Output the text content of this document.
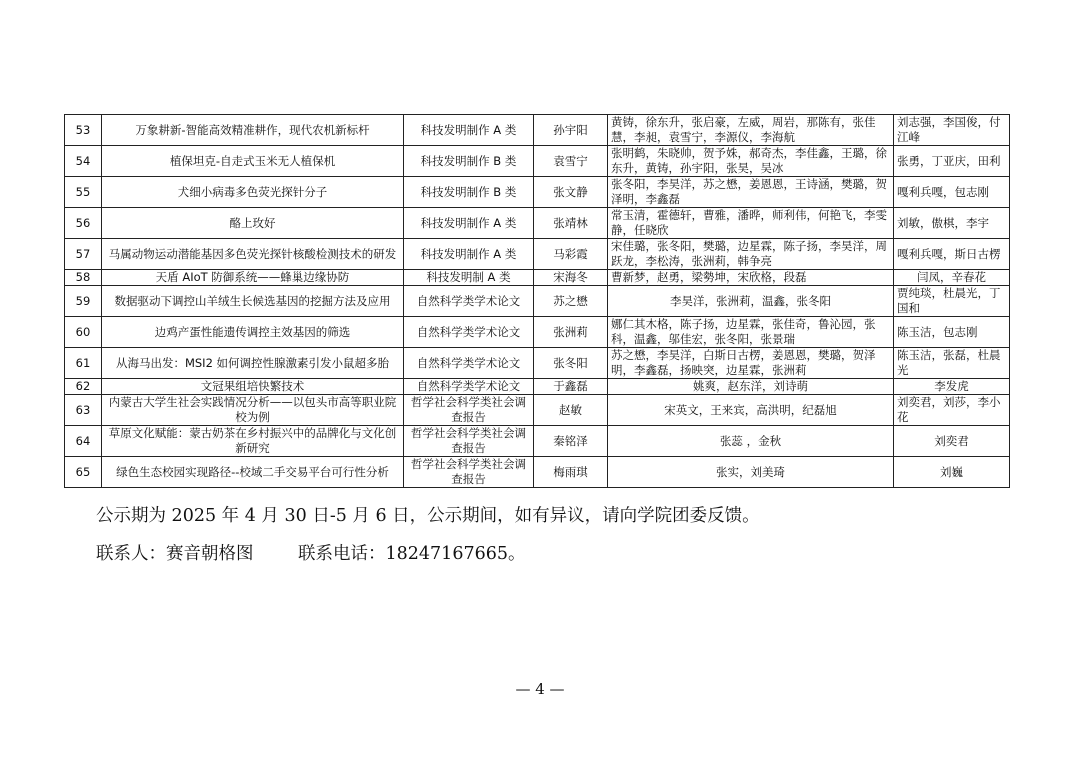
53	万象耕新-智能高效精准耕作，现代农机新标杆	科技发明制作 A 类	孙宇阳	黄铸，徐东升，张启豪，左威，周岩，那陈有，张佳慧，李昶，袁雪宁，李源仪，李海航	刘志强，李国俊，付江峰
54	植保坦克-自走式玉米无人植保机	科技发明制作 B 类	袁雪宁	张明鹤，朱晓帅，贺予姝，郝奇杰，李佳鑫，王璐，徐东升，黄铸，孙宇阳，张昊，吴冰	张勇，丁亚庆，田利
55	犬细小病毒多色荧光探针分子	科技发明制作 B 类	张文静	张冬阳，李昊洋，苏之懋，姜恩恩，王诗涵，樊璐，贺泽明，李鑫磊	嘎利兵嘎，包志刚
56	酪上玫好	科技发明制作 A 类	张靖林	常玉清，霍德轩，曹雅，潘晔，师利伟，何艳飞，李雯静，任晓欣	刘敏，傲棋，李宇
57	马属动物运动潜能基因多色荧光探针核酸检测技术的研发	科技发明制作 A 类	马彩霞	宋佳璐，张冬阳，樊璐，边星霖，陈子扬，李昊洋，周跃龙，李松涛，张洲莉，韩争亮	嘎利兵嘎，斯日古楞
58	天盾 AIoT 防御系统——蜂巢边缘协防	科技发明制 A 类	宋海冬	曹新梦，赵勇，梁勢坤，宋欣格，段磊	闫凤，辛春花
59	数据驱动下调控山羊绒生长候选基因的挖掘方法及应用	自然科学类学术论文	苏之懋	李昊洋，张洲莉，温鑫，张冬阳	贾纯琰，杜晨光，丁国和
60	边鸡产蛋性能遗传调控主效基因的筛选	自然科学类学术论文	张洲莉	娜仁其木格，陈子扬，边星霖，张佳奇，鲁沁园，张科，温鑫，邬佳宏，张冬阳，张景瑞	陈玉洁，包志刚
61	从海马出发：MSI2 如何调控性腺激素引发小鼠超多胎	自然科学类学术论文	张冬阳	苏之懋，李昊洋，白斯日古楞，姜恩恩，樊璐，贺泽明，李鑫磊，扬映突，边星霖，张洲莉	陈玉洁，张磊，杜晨光
62	文冠果组培快繁技术	自然科学类学术论文	于鑫磊	姚爽，赵东洋，刘诗萌	李发虎
63	内蒙古大学生社会实践情况分析——以包头市高等职业院校为例	哲学社会科学类社会调查报告	赵敏	宋英文，王来宾，高洪明，纪磊旭	刘奕君，刘莎，李小花
64	草原文化赋能：蒙古奶茶在乡村振兴中的品牌化与文化创新研究	哲学社会科学类社会调查报告	秦铭泽	张蕊 ，金秋	刘奕君
65	绿色生态校园实现路径--校域二手交易平台可行性分析	哲学社会科学类社会调查报告	梅雨琪	张实，刘美琦	刘巍
公示期为 2025 年 4 月 30 日-5 月 6 日，公示期间，如有异议，请向学院团委反馈。
联系人：赛音朝格图	联系电话：18247167665。
— 4 —
